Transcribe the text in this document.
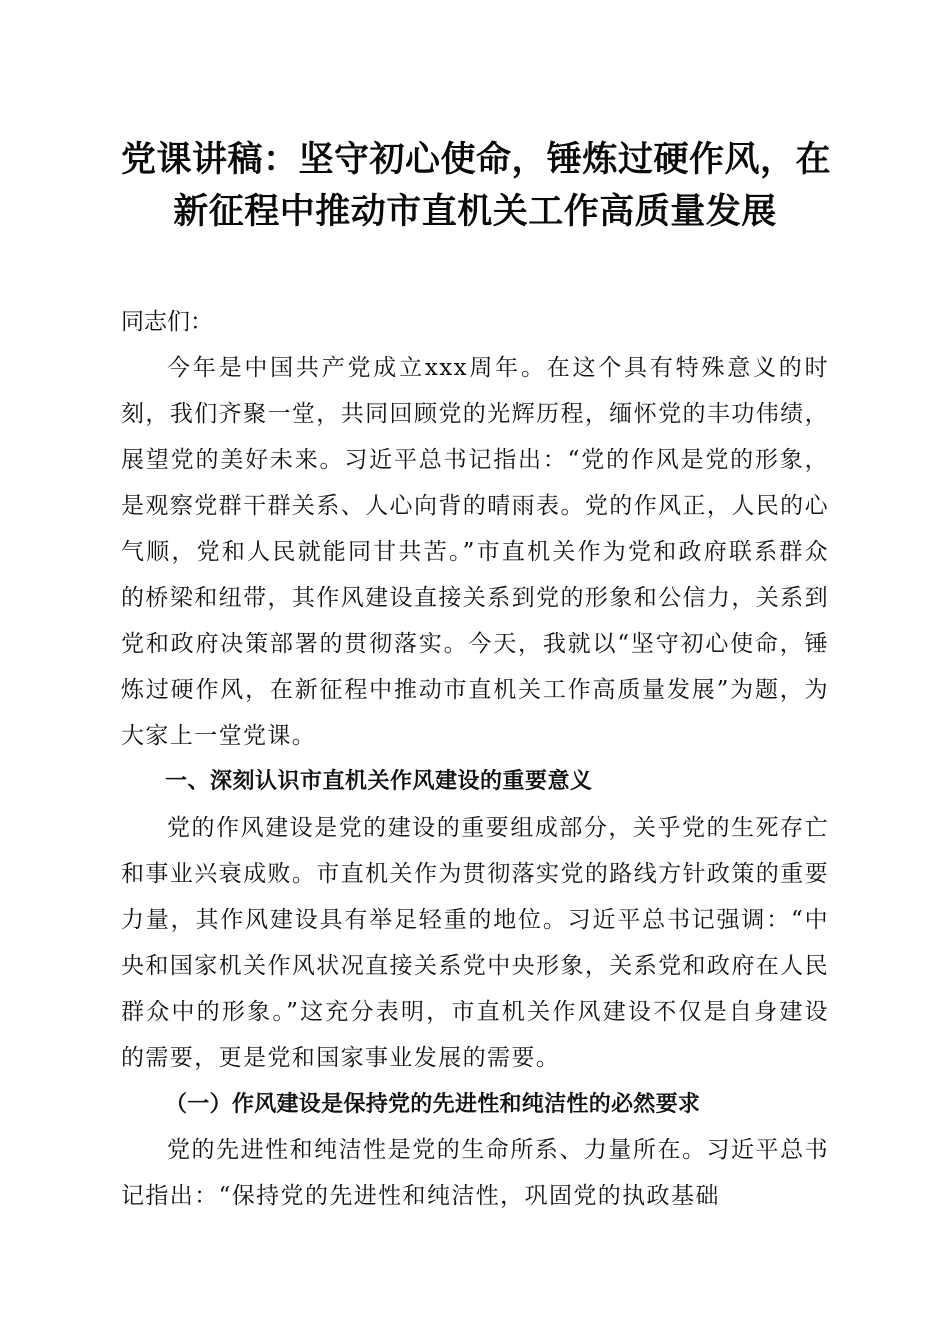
党课讲稿：坚守初心使命，锤炼过硬作风，在
新征程中推动市直机关工作高质量发展

同志们：

今年是中国共产党成立xxx周年。在这个具有特殊意义的时刻，我们齐聚一堂，共同回顾党的光辉历程，缅怀党的丰功伟绩，展望党的美好未来。习近平总书记指出：“党的作风是党的形象，是观察党群干群关系、人心向背的晴雨表。党的作风正，人民的心气顺，党和人民就能同甘共苦。”市直机关作为党和政府联系群众的桥梁和纽带，其作风建设直接关系到党的形象和公信力，关系到党和政府决策部署的贯彻落实。今天，我就以“坚守初心使命，锤炼过硬作风，在新征程中推动市直机关工作高质量发展”为题，为大家上一堂党课。

一、深刻认识市直机关作风建设的重要意义

党的作风建设是党的建设的重要组成部分，关乎党的生死存亡和事业兴衰成败。市直机关作为贯彻落实党的路线方针政策的重要力量，其作风建设具有举足轻重的地位。习近平总书记强调：“中央和国家机关作风状况直接关系党中央形象，关系党和政府在人民群众中的形象。”这充分表明，市直机关作风建设不仅是自身建设的需要，更是党和国家事业发展的需要。

（一）作风建设是保持党的先进性和纯洁性的必然要求

党的先进性和纯洁性是党的生命所系、力量所在。习近平总书记指出：“保持党的先进性和纯洁性，巩固党的执政基础
